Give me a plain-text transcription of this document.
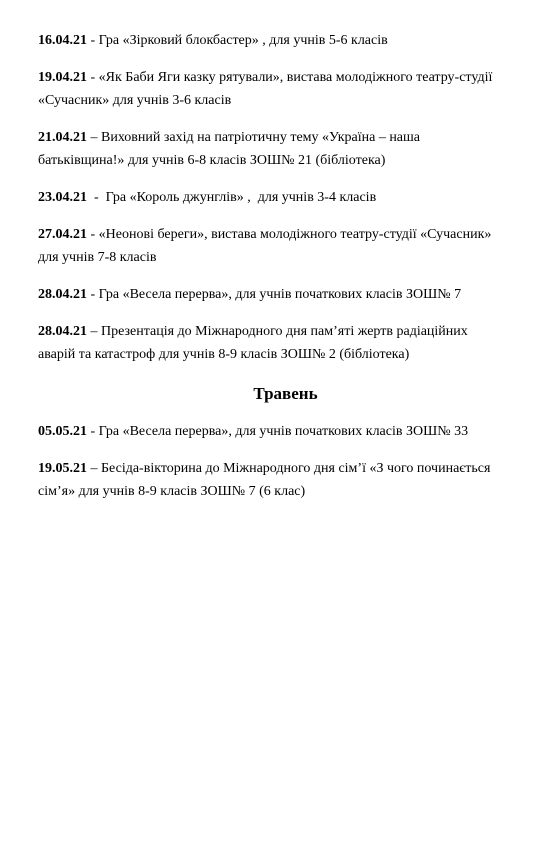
16.04.21 - Гра «Зірковий блокбастер» , для учнів 5-6 класів
19.04.21 - «Як Баби Яги казку рятували», вистава молодіжного театру-студії
«Сучасник» для учнів 3-6 класів
21.04.21 – Виховний захід на патріотичну тему «Україна – наша
батьківщина!» для учнів 6-8 класів ЗОШ№ 21 (бібліотека)
23.04.21  -  Гра «Король джунглів» ,  для учнів 3-4 класів
27.04.21 - «Неонові береги», вистава молодіжного театру-студії «Сучасник»
для учнів 7-8 класів
28.04.21 - Гра «Весела перерва», для учнів початкових класів ЗОШ№ 7
28.04.21 – Презентація до Міжнародного дня пам’яті жертв радіаційних
аварій та катастроф для учнів 8-9 класів ЗОШ№ 2 (бібліотека)
Травень
05.05.21 - Гра «Весела перерва», для учнів початкових класів ЗОШ№ 33
19.05.21 – Бесіда-вікторина до Міжнародного дня сім’ї «З чого починається
сім’я» для учнів 8-9 класів ЗОШ№ 7 (6 клас)
